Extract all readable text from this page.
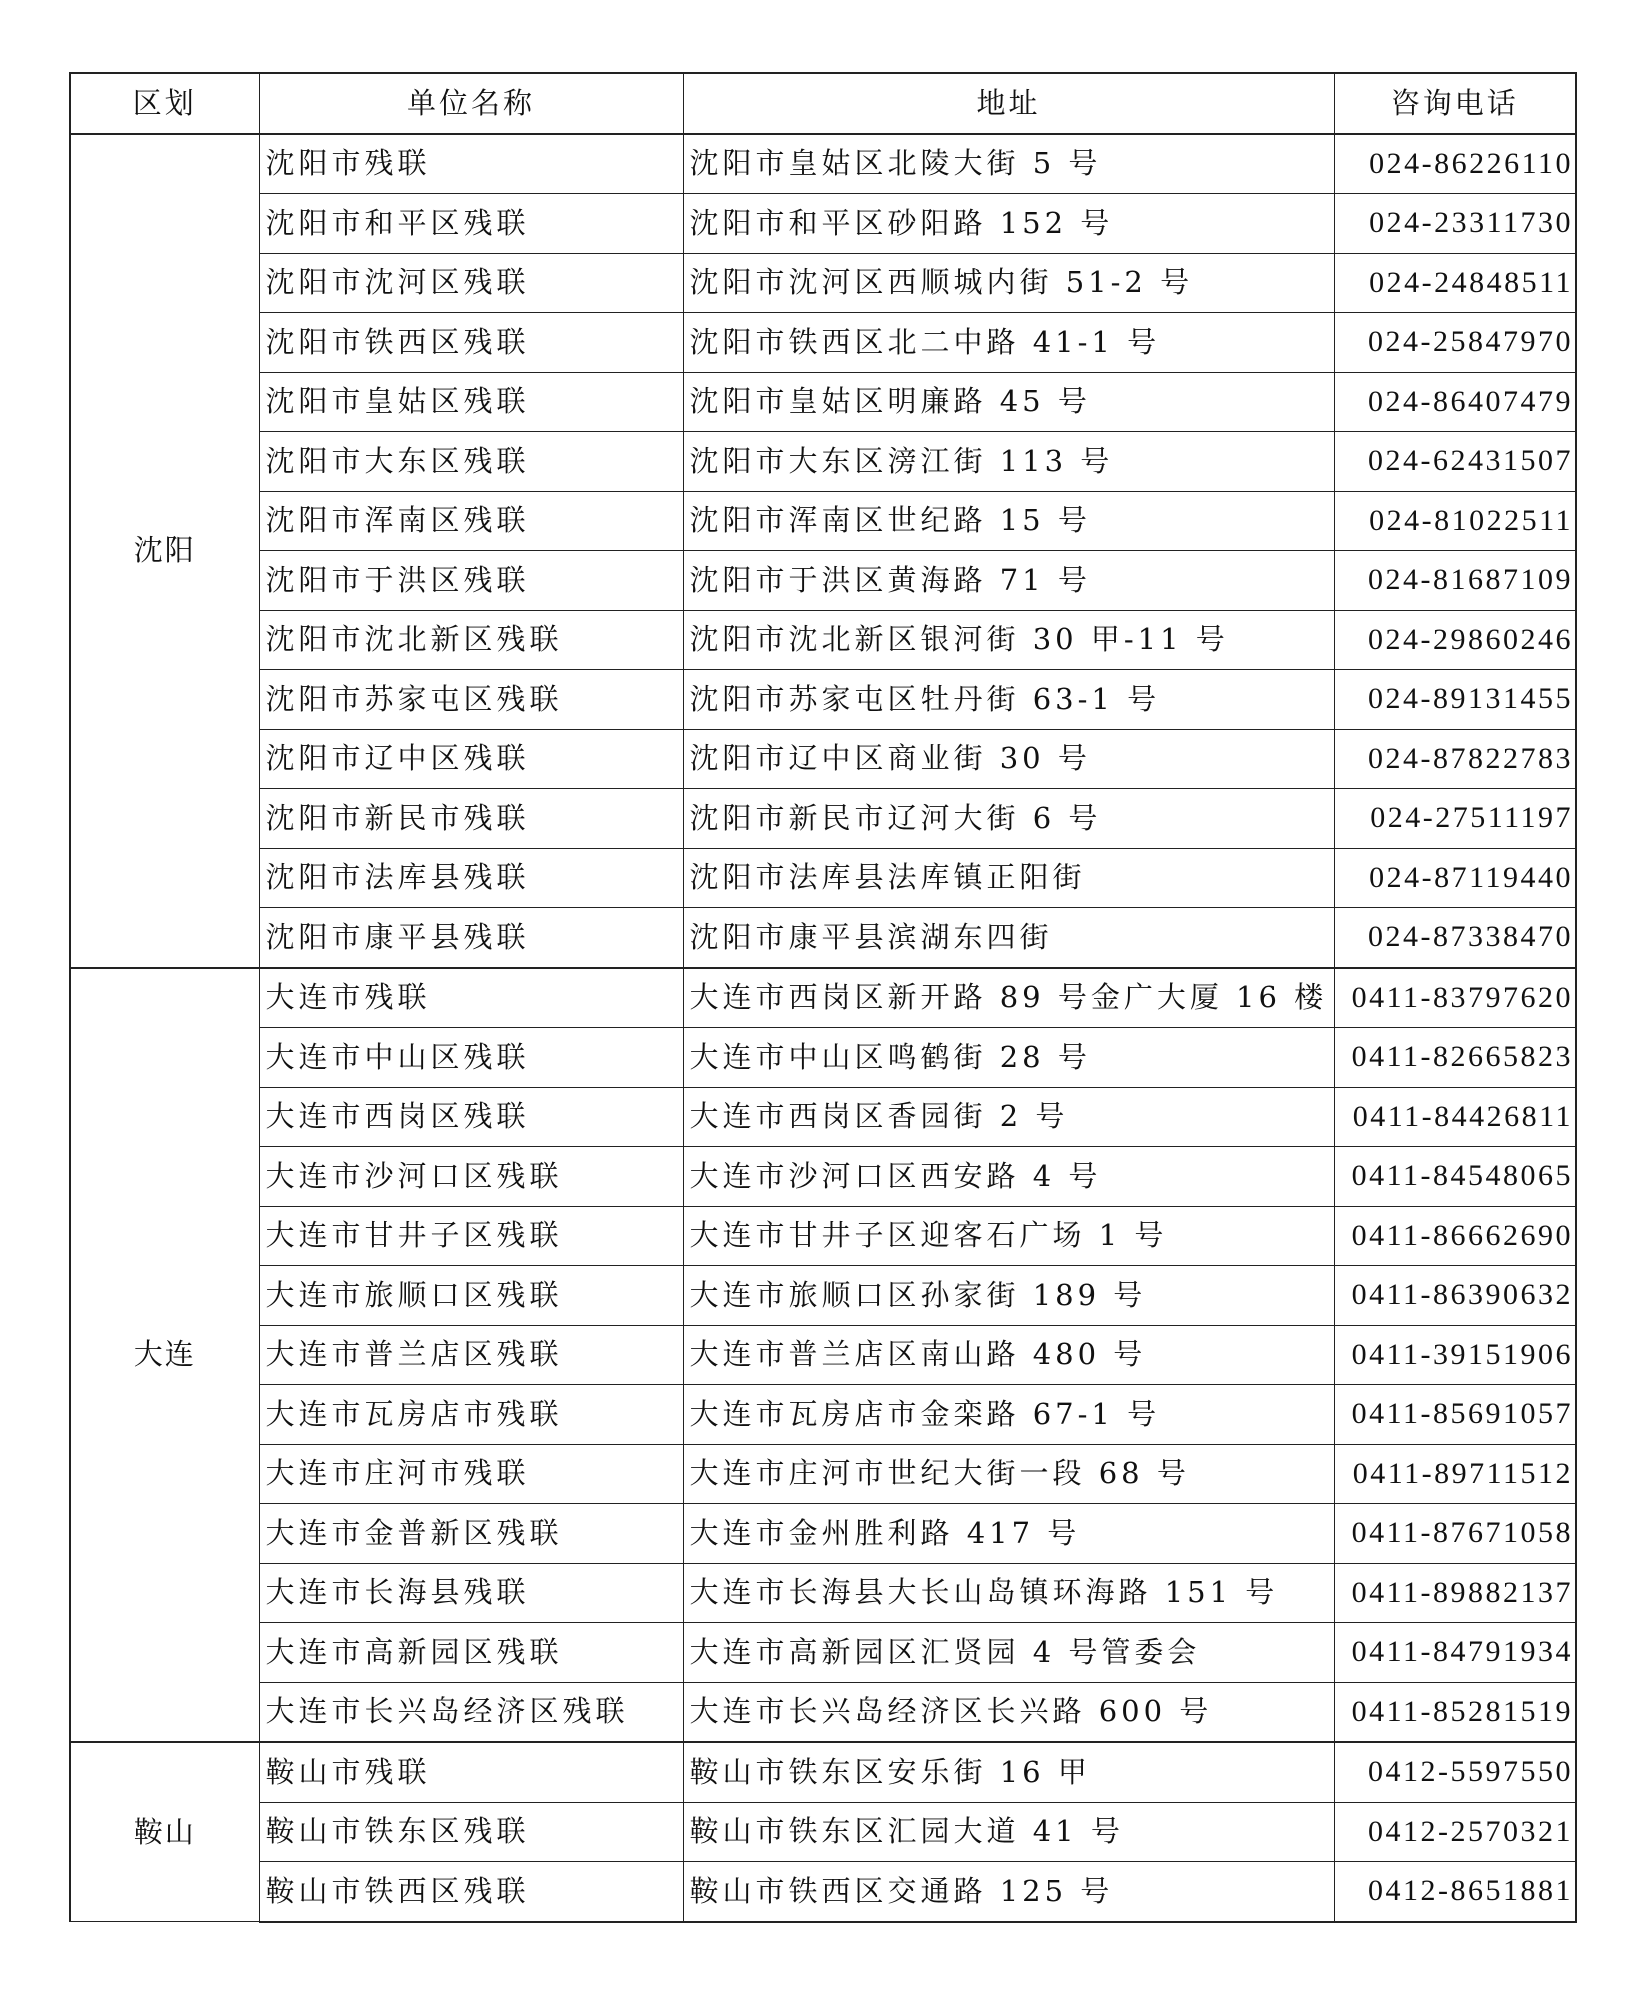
区划	单位名称	地址	咨询电话
沈阳	沈阳市残联	沈阳市皇姑区北陵大街 5 号	024-86226110
	沈阳市和平区残联	沈阳市和平区砂阳路 152 号	024-23311730
	沈阳市沈河区残联	沈阳市沈河区西顺城内街 51-2 号	024-24848511
	沈阳市铁西区残联	沈阳市铁西区北二中路 41-1 号	024-25847970
	沈阳市皇姑区残联	沈阳市皇姑区明廉路 45 号	024-86407479
	沈阳市大东区残联	沈阳市大东区滂江街 113 号	024-62431507
	沈阳市浑南区残联	沈阳市浑南区世纪路 15 号	024-81022511
	沈阳市于洪区残联	沈阳市于洪区黄海路 71 号	024-81687109
	沈阳市沈北新区残联	沈阳市沈北新区银河街 30 甲-11 号	024-29860246
	沈阳市苏家屯区残联	沈阳市苏家屯区牡丹街 63-1 号	024-89131455
	沈阳市辽中区残联	沈阳市辽中区商业街 30 号	024-87822783
	沈阳市新民市残联	沈阳市新民市辽河大街 6 号	024-27511197
	沈阳市法库县残联	沈阳市法库县法库镇正阳街	024-87119440
	沈阳市康平县残联	沈阳市康平县滨湖东四街	024-87338470
大连	大连市残联	大连市西岗区新开路 89 号金广大厦 16 楼	0411-83797620
	大连市中山区残联	大连市中山区鸣鹤街 28 号	0411-82665823
	大连市西岗区残联	大连市西岗区香园街 2 号	0411-84426811
	大连市沙河口区残联	大连市沙河口区西安路 4 号	0411-84548065
	大连市甘井子区残联	大连市甘井子区迎客石广场 1 号	0411-86662690
	大连市旅顺口区残联	大连市旅顺口区孙家街 189 号	0411-86390632
	大连市普兰店区残联	大连市普兰店区南山路 480 号	0411-39151906
	大连市瓦房店市残联	大连市瓦房店市金栾路 67-1 号	0411-85691057
	大连市庄河市残联	大连市庄河市世纪大街一段 68 号	0411-89711512
	大连市金普新区残联	大连市金州胜利路 417 号	0411-87671058
	大连市长海县残联	大连市长海县大长山岛镇环海路 151 号	0411-89882137
	大连市高新园区残联	大连市高新园区汇贤园 4 号管委会	0411-84791934
	大连市长兴岛经济区残联	大连市长兴岛经济区长兴路 600 号	0411-85281519
鞍山	鞍山市残联	鞍山市铁东区安乐街 16 甲	0412-5597550
	鞍山市铁东区残联	鞍山市铁东区汇园大道 41 号	0412-2570321
	鞍山市铁西区残联	鞍山市铁西区交通路 125 号	0412-8651881
